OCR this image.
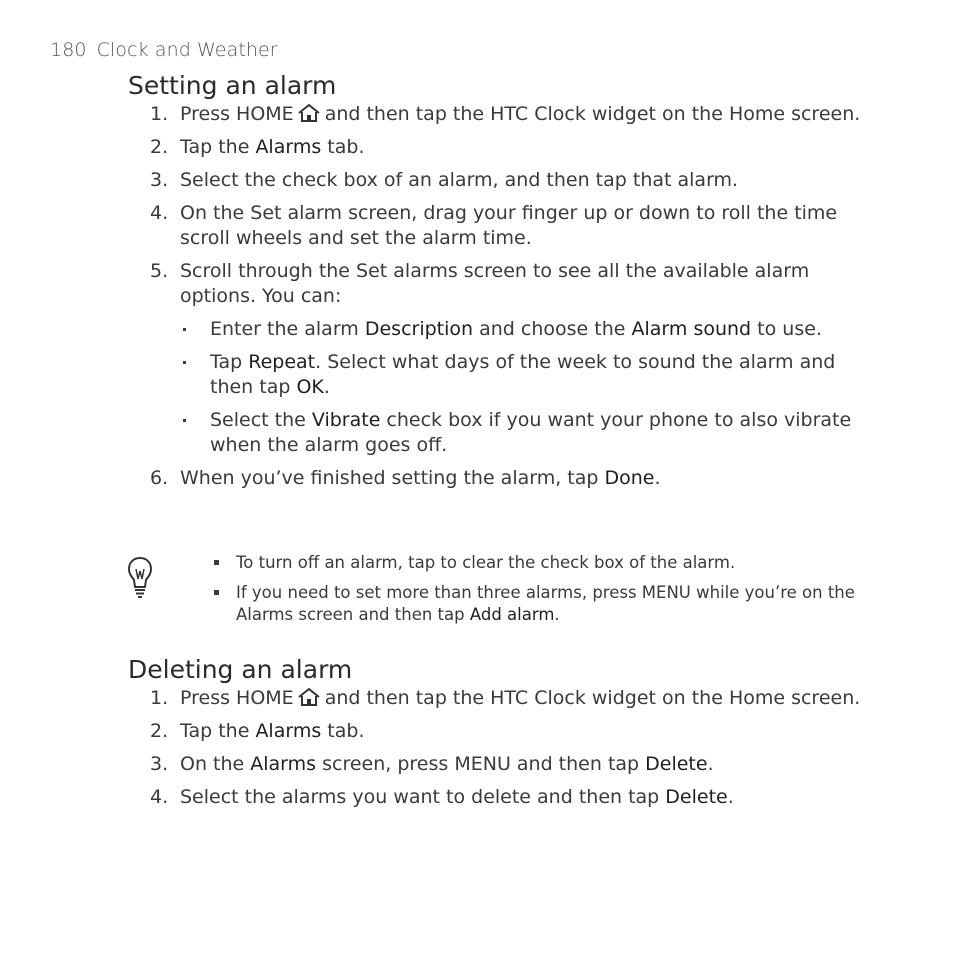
180 Clock and Weather
Setting an alarm
1. Press HOME and then tap the HTC Clock widget on the Home screen.
2. Tap the Alarms tab.
3. Select the check box of an alarm, and then tap that alarm.
4. On the Set alarm screen, drag your finger up or down to roll the time scroll wheels and set the alarm time.
5. Scroll through the Set alarms screen to see all the available alarm options. You can:
Enter the alarm Description and choose the Alarm sound to use.
Tap Repeat. Select what days of the week to sound the alarm and then tap OK.
Select the Vibrate check box if you want your phone to also vibrate when the alarm goes off.
6. When you’ve finished setting the alarm, tap Done.
To turn off an alarm, tap to clear the check box of the alarm.
If you need to set more than three alarms, press MENU while you’re on the Alarms screen and then tap Add alarm.
Deleting an alarm
1. Press HOME and then tap the HTC Clock widget on the Home screen.
2. Tap the Alarms tab.
3. On the Alarms screen, press MENU and then tap Delete.
4. Select the alarms you want to delete and then tap Delete.
